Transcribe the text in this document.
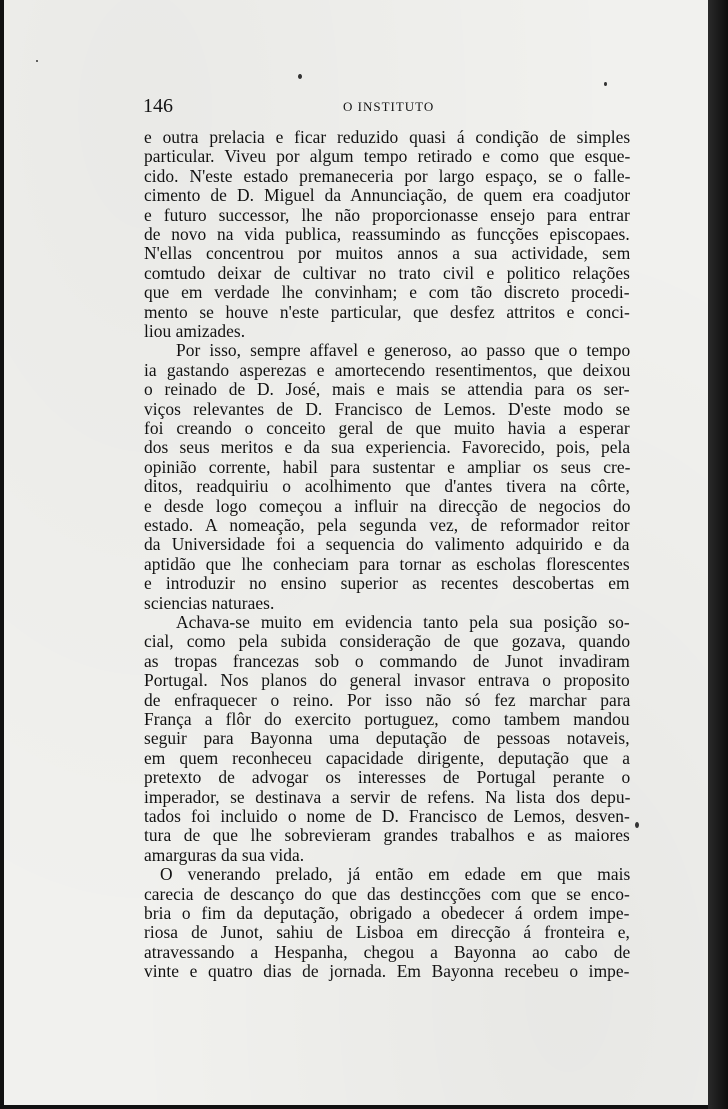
146	O INSTITUTO
e outra prelacia e ficar reduzido quasi á condição de simples
particular. Viveu por algum tempo retirado e como que esque-
cido. N'este estado premaneceria por largo espaço, se o falle-
cimento de D. Miguel da Annunciação, de quem era coadjutor
e futuro successor, lhe não proporcionasse ensejo para entrar
de novo na vida publica, reassumindo as funcções episcopaes.
N'ellas concentrou por muitos annos a sua actividade, sem
comtudo deixar de cultivar no trato civil e politico relações
que em verdade lhe convinham; e com tão discreto procedi-
mento se houve n'este particular, que desfez attritos e conci-
liou amizades.
Por isso, sempre affavel e generoso, ao passo que o tempo
ia gastando asperezas e amortecendo resentimentos, que deixou
o reinado de D. José, mais e mais se attendia para os ser-
viços relevantes de D. Francisco de Lemos. D'este modo se
foi creando o conceito geral de que muito havia a esperar
dos seus meritos e da sua experiencia. Favorecido, pois, pela
opinião corrente, habil para sustentar e ampliar os seus cre-
ditos, readquiriu o acolhimento que d'antes tivera na côrte,
e desde logo começou a influir na direcção de negocios do
estado. A nomeação, pela segunda vez, de reformador reitor
da Universidade foi a sequencia do valimento adquirido e da
aptidão que lhe conheciam para tornar as escholas florescentes
e introduzir no ensino superior as recentes descobertas em
sciencias naturaes.
Achava-se muito em evidencia tanto pela sua posição so-
cial, como pela subida consideração de que gozava, quando
as tropas francezas sob o commando de Junot invadiram
Portugal. Nos planos do general invasor entrava o proposito
de enfraquecer o reino. Por isso não só fez marchar para
França a flôr do exercito portuguez, como tambem mandou
seguir para Bayonna uma deputação de pessoas notaveis,
em quem reconheceu capacidade dirigente, deputação que a
pretexto de advogar os interesses de Portugal perante o
imperador, se destinava a servir de refens. Na lista dos depu-
tados foi incluido o nome de D. Francisco de Lemos, desven-
tura de que lhe sobrevieram grandes trabalhos e as maiores
amarguras da sua vida.
O venerando prelado, já então em edade em que mais
carecia de descanço do que das destincções com que se enco-
bria o fim da deputação, obrigado a obedecer á ordem impe-
riosa de Junot, sahiu de Lisboa em direcção á fronteira e,
atravessando a Hespanha, chegou a Bayonna ao cabo de
vinte e quatro dias de jornada. Em Bayonna recebeu o impe-
